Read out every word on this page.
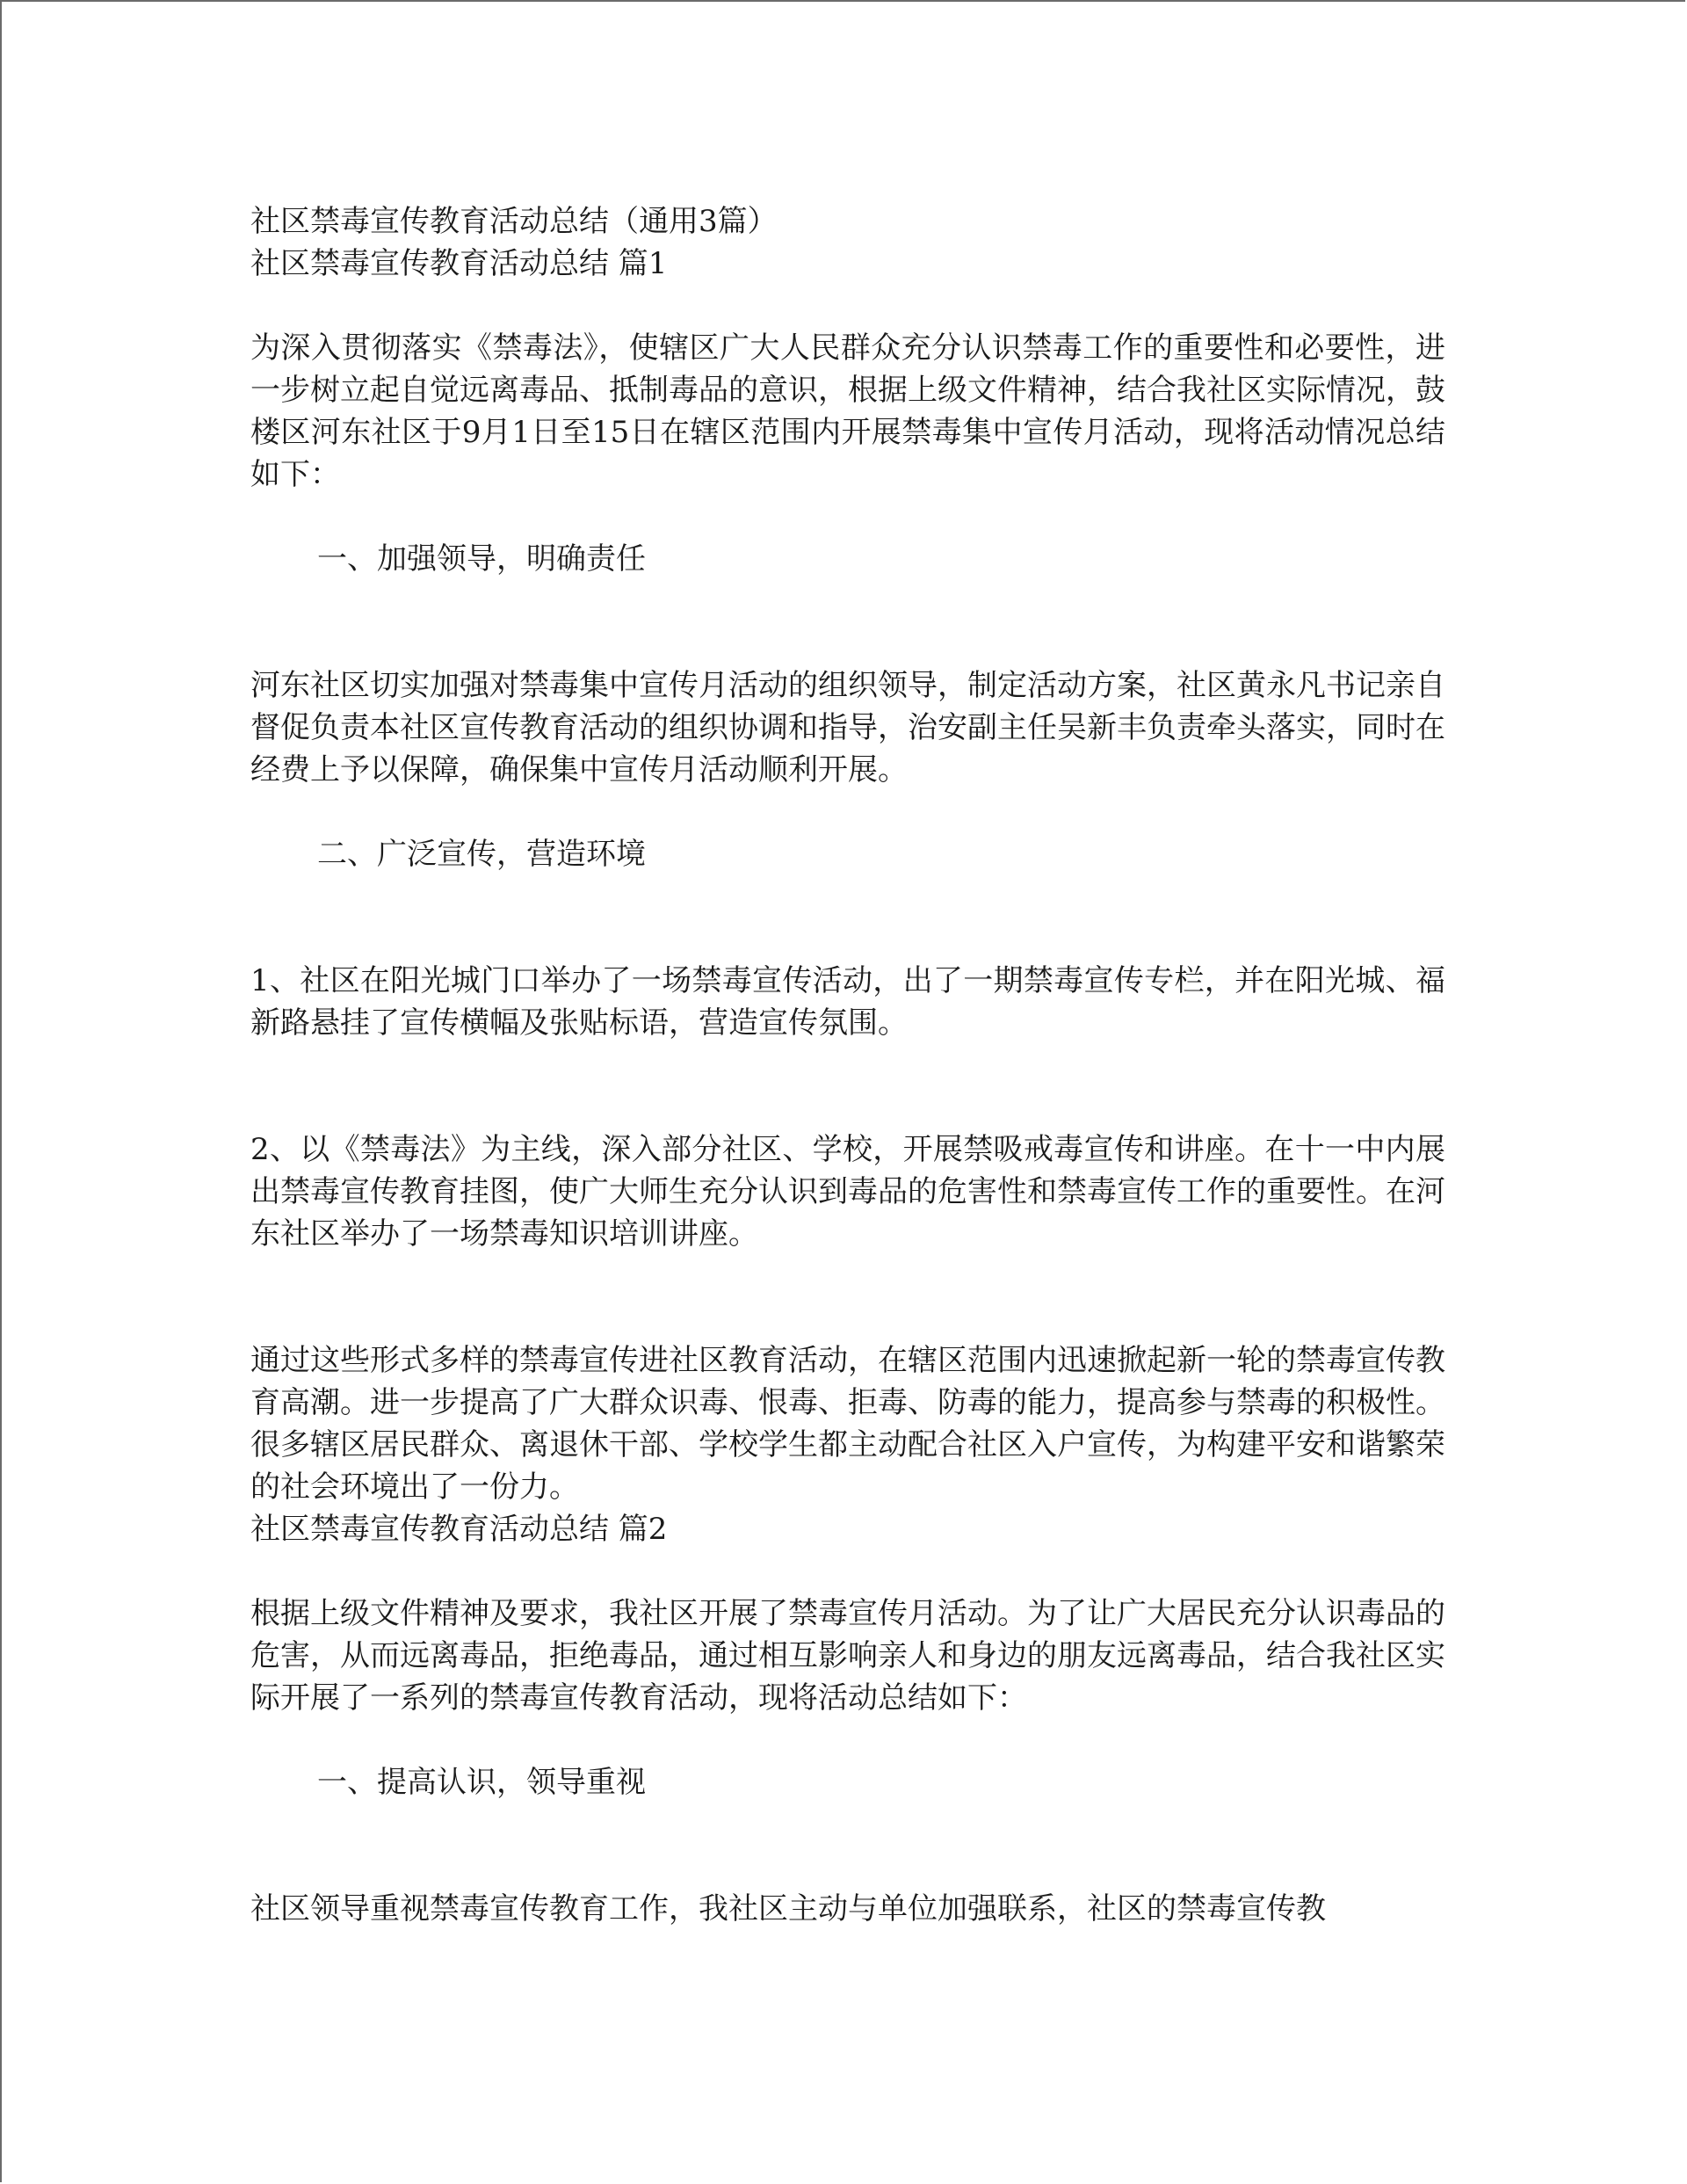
社区禁毒宣传教育活动总结（通用3篇）

社区禁毒宣传教育活动总结 篇1

为深入贯彻落实《禁毒法》，使辖区广大人民群众充分认识禁毒工作的重要性和必要性，进一步树立起自觉远离毒品、抵制毒品的意识，根据上级文件精神，结合我社区实际情况，鼓楼区河东社区于9月1日至15日在辖区范围内开展禁毒集中宣传月活动，现将活动情况总结如下：

一、加强领导，明确责任

河东社区切实加强对禁毒集中宣传月活动的组织领导，制定活动方案，社区黄永凡书记亲自督促负责本社区宣传教育活动的组织协调和指导，治安副主任吴新丰负责牵头落实，同时在经费上予以保障，确保集中宣传月活动顺利开展。

二、广泛宣传，营造环境

1、社区在阳光城门口举办了一场禁毒宣传活动，出了一期禁毒宣传专栏，并在阳光城、福新路悬挂了宣传横幅及张贴标语，营造宣传氛围。

2、以《禁毒法》为主线，深入部分社区、学校，开展禁吸戒毒宣传和讲座。在十一中内展出禁毒宣传教育挂图，使广大师生充分认识到毒品的危害性和禁毒宣传工作的重要性。在河东社区举办了一场禁毒知识培训讲座。

通过这些形式多样的禁毒宣传进社区教育活动，在辖区范围内迅速掀起新一轮的禁毒宣传教育高潮。进一步提高了广大群众识毒、恨毒、拒毒、防毒的能力，提高参与禁毒的积极性。很多辖区居民群众、离退休干部、学校学生都主动配合社区入户宣传，为构建平安和谐繁荣的社会环境出了一份力。

社区禁毒宣传教育活动总结 篇2

根据上级文件精神及要求，我社区开展了禁毒宣传月活动。为了让广大居民充分认识毒品的危害，从而远离毒品，拒绝毒品，通过相互影响亲人和身边的朋友远离毒品，结合我社区实际开展了一系列的禁毒宣传教育活动，现将活动总结如下：

一、提高认识，领导重视

社区领导重视禁毒宣传教育工作，我社区主动与单位加强联系，社区的禁毒宣传教
